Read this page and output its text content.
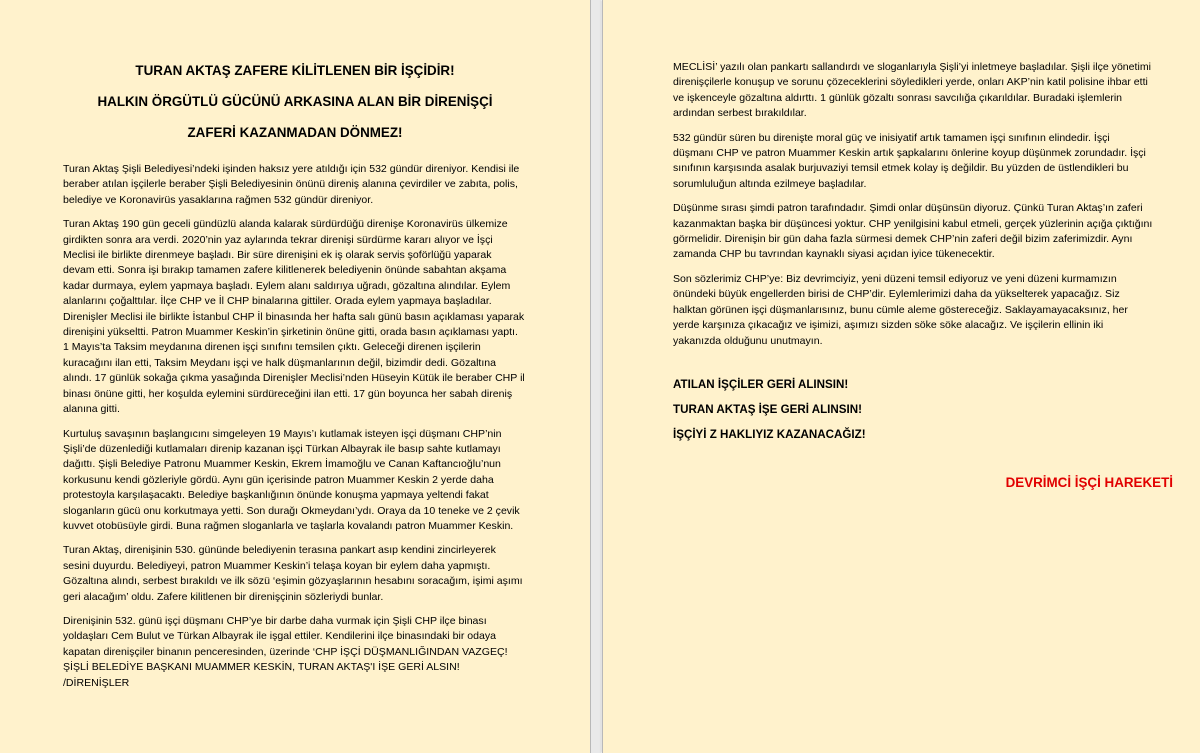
TURAN AKTAŞ ZAFERE KİLİTLENEN BİR İŞÇİDİR!
HALKIN ÖRGÜTLÜ GÜCÜNÜ ARKASINA ALAN BİR DİRENİŞÇİ
ZAFERİ KAZANMADAN DÖNMEZ!

Turan Aktaş Şişli Belediyesi’ndeki işinden haksız yere atıldığı için 532 gündür direniyor. Kendisi ile beraber atılan işçilerle beraber Şişli Belediyesinin önünü direniş alanına çevirdiler ve zabıta, polis, belediye ve Koronavirüs yasaklarına rağmen 532 gündür direniyor.

Turan Aktaş 190 gün geceli gündüzlü alanda kalarak sürdürdüğü direnişe Koronavirüs ülkemize girdikten sonra ara verdi. 2020’nin yaz aylarında tekrar direnişi sürdürme kararı alıyor ve İşçi Meclisi ile birlikte direnmeye başladı. Bir süre direnişini ek iş olarak servis şoförlüğü yaparak devam etti. Sonra işi bırakıp tamamen zafere kilitlenerek belediyenin önünde sabahtan akşama kadar durmaya, eylem yapmaya başladı. Eylem alanı saldırıya uğradı, gözaltına alındılar. Eylem alanlarını çoğalttılar. İlçe CHP ve İl CHP binalarına gittiler. Orada eylem yapmaya başladılar. Direnişler Meclisi ile birlikte İstanbul CHP İl binasında her hafta salı günü basın açıklaması yaparak direnişini yükseltti. Patron Muammer Keskin’in şirketinin önüne gitti, orada basın açıklaması yaptı. 1 Mayıs’ta Taksim meydanına direnen işçi sınıfını temsilen çıktı. Geleceği direnen işçilerin kuracağını ilan etti, Taksim Meydanı işçi ve halk düşmanlarının değil, bizimdir dedi. Gözaltına alındı. 17 günlük sokağa çıkma yasağında Direnişler Meclisi’nden Hüseyin Kütük ile beraber CHP il binası önüne gitti, her koşulda eylemini sürdüreceğini ilan etti. 17 gün boyunca her sabah direniş alanına gitti.

Kurtuluş savaşının başlangıcını simgeleyen 19 Mayıs’ı kutlamak isteyen işçi düşmanı CHP’nin Şişli’de düzenlediği kutlamaları direnip kazanan işçi Türkan Albayrak ile basıp sahte kutlamayı dağıttı. Şişli Belediye Patronu Muammer Keskin, Ekrem İmamoğlu ve Canan Kaftancıoğlu’nun korkusunu kendi gözleriyle gördü. Aynı gün içerisinde patron Muammer Keskin 2 yerde daha protestoyla karşılaşacaktı. Belediye başkanlığının önünde konuşma yapmaya yeltendi fakat sloganların gücü onu korkutmaya yetti. Son durağı Okmeydanı’ydı. Oraya da 10 teneke ve 2 çevik kuvvet otobüsüyle girdi. Buna rağmen sloganlarla ve taşlarla kovalandı patron Muammer Keskin.

Turan Aktaş, direnişinin 530. gününde belediyenin terasına pankart asıp kendini zincirleyerek sesini duyurdu. Belediyeyi, patron Muammer Keskin’i telaşa koyan bir eylem daha yapmıştı. Gözaltına alındı, serbest bırakıldı ve ilk sözü ‘eşimin gözyaşlarının hesabını soracağım, işimi aşımı geri alacağım’ oldu. Zafere kilitlenen bir direnişçinin sözleriydi bunlar.

Direnişinin 532. günü işçi düşmanı CHP’ye bir darbe daha vurmak için Şişli CHP ilçe binası yoldaşları Cem Bulut ve Türkan Albayrak ile işgal ettiler. Kendilerini ilçe binasındaki bir odaya kapatan direnişçiler binanın penceresinden, üzerinde ‘CHP İŞÇİ DÜŞMANLIĞINDAN VAZGEÇ! ŞİŞLİ BELEDİYE BAŞKANI MUAMMER KESKİN, TURAN AKTAŞ'I İŞE GERİ ALSIN! /DİRENİŞLER

MECLİSİ’ yazılı olan pankartı sallandırdı ve sloganlarıyla Şişli’yi inletmeye başladılar. Şişli ilçe yönetimi direnişçilerle konuşup ve sorunu çözeceklerini söyledikleri yerde, onları AKP’nin katil polisine ihbar etti ve işkenceyle gözaltına aldırttı. 1 günlük gözaltı sonrası savcılığa çıkarıldılar. Buradaki işlemlerin ardından serbest bırakıldılar.

532 gündür süren bu direnişte moral güç ve inisiyatif artık tamamen işçi sınıfının elindedir. İşçi düşmanı CHP ve patron Muammer Keskin artık şapkalarını önlerine koyup düşünmek zorundadır. İşçi sınıfının karşısında asalak burjuvaziyi temsil etmek kolay iş değildir. Bu yüzden de üstlendikleri bu sorumluluğun altında ezilmeye başladılar.

Düşünme sırası şimdi patron tarafındadır. Şimdi onlar düşünsün diyoruz. Çünkü Turan Aktaş’ın zaferi kazanmaktan başka bir düşüncesi yoktur. CHP yenilgisini kabul etmeli, gerçek yüzlerinin açığa çıktığını görmelidir. Direnişin bir gün daha fazla sürmesi demek CHP’nin zaferi değil bizim zaferimizdir. Aynı zamanda CHP bu tavrından kaynaklı siyasi açıdan iyice tükenecektir.

Son sözlerimiz CHP’ye: Biz devrimciyiz, yeni düzeni temsil ediyoruz ve yeni düzeni kurmamızın önündeki büyük engellerden birisi de CHP’dir. Eylemlerimizi daha da yükselterek yapacağız. Siz halktan görünen işçi düşmanlarısınız, bunu cümle aleme göstereceğiz. Saklayamayacaksınız, her yerde karşınıza çıkacağız ve işimizi, aşımızı sizden söke söke alacağız. Ve işçilerin ellinin iki yakanızda olduğunu unutmayın.

ATILAN İŞÇİLER GERİ ALINSIN!
TURAN AKTAŞ İŞE GERİ ALINSIN!
İŞÇİYİ Z HAKLIYIZ KAZANACAĞIZ!
DEVRİMCİ İŞÇİ HAREKETİ
